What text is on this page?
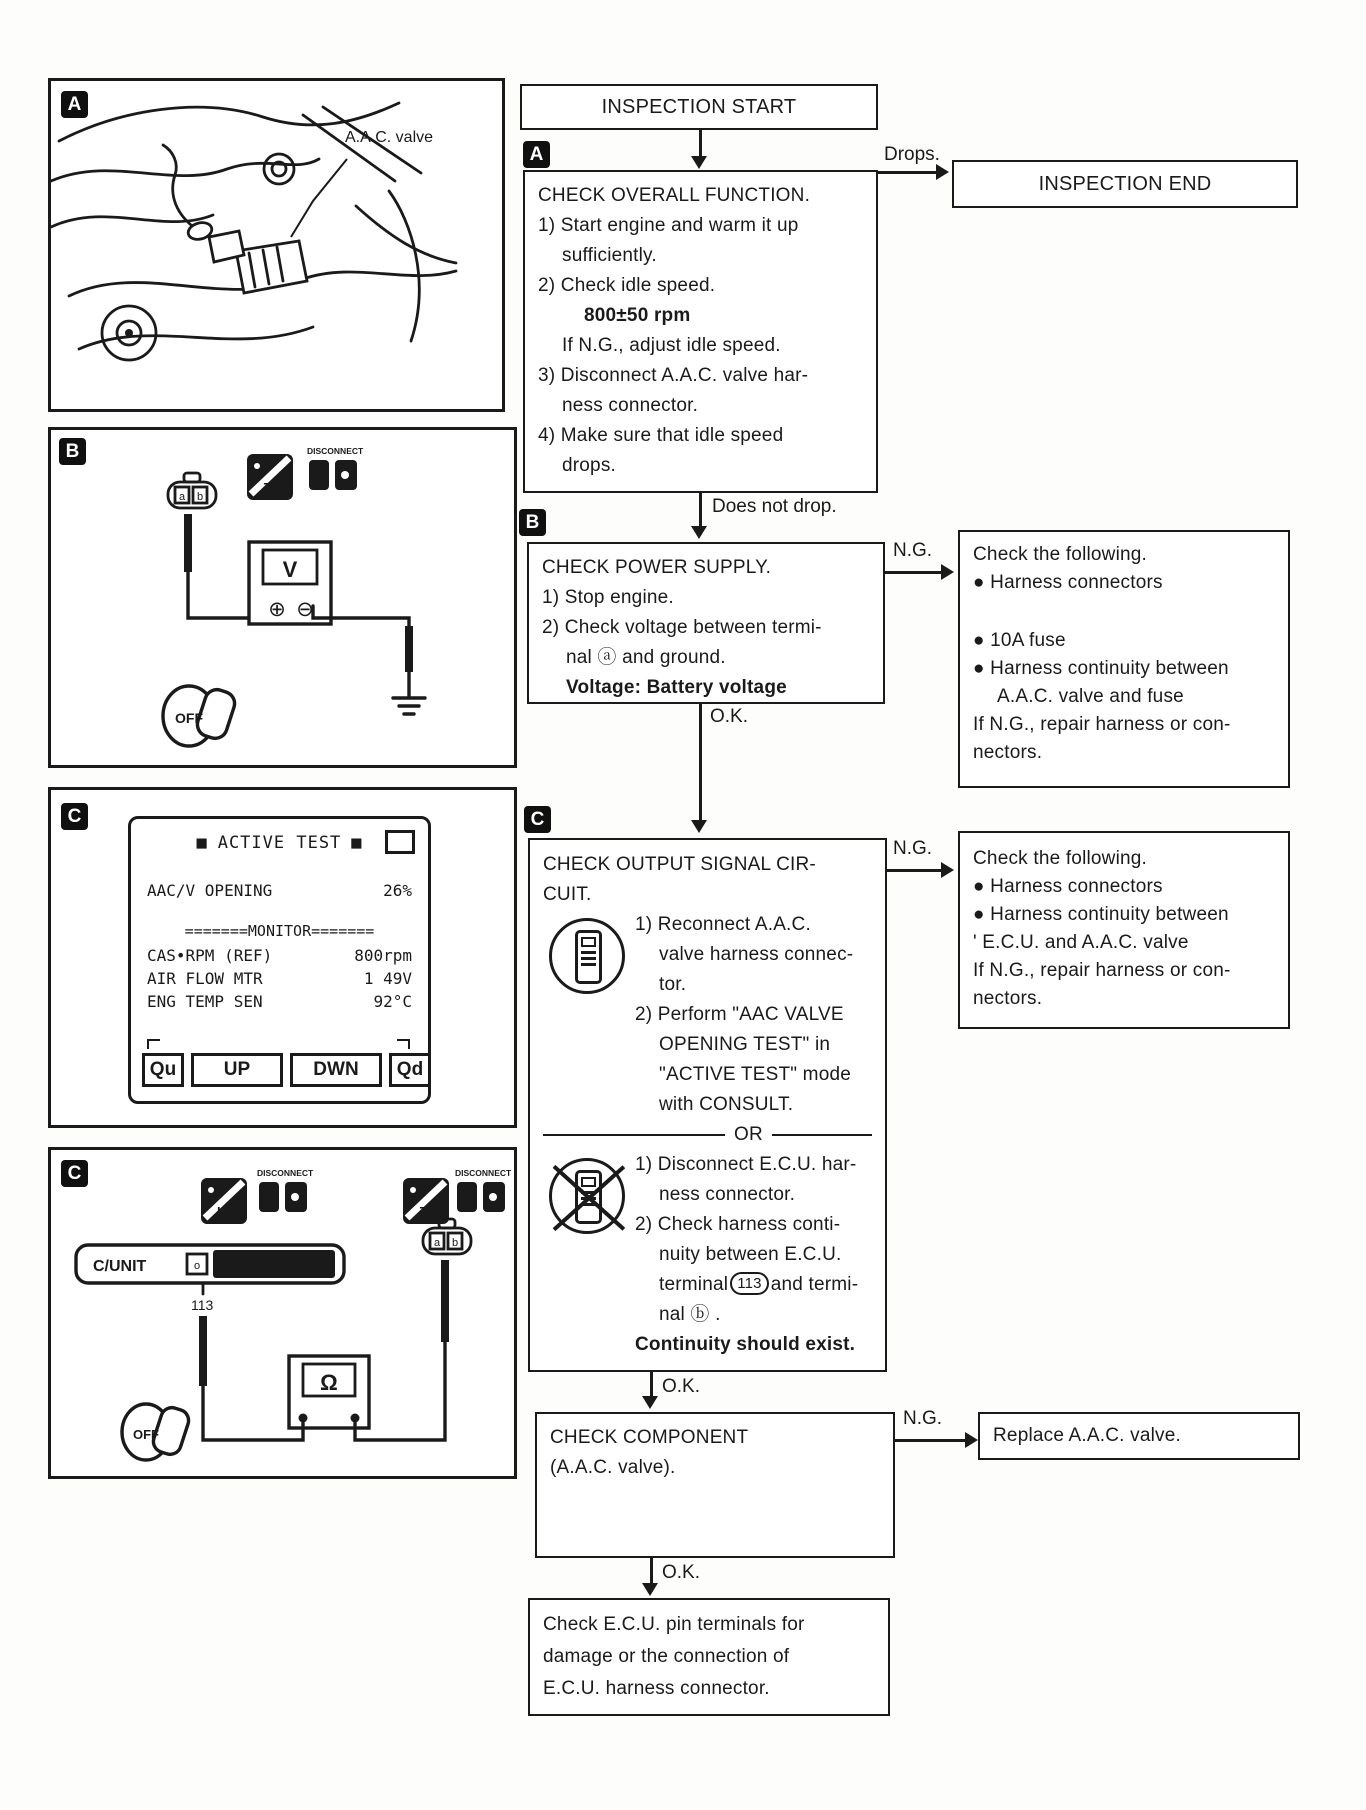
A
A.A.C. valve
B
a b
TS
DISCONNECT
V
⊕ ⊖
OFF
C
■ ACTIVE TEST ■
AAC/V OPENING	26%
=======MONITOR=======
CAS•RPM (REF)	800rpm
AIR FLOW MTR	1 49V
ENG TEMP SEN	92°C
Qu	UP	DWN	Qd
C
HS
DISCONNECT
TS
DISCONNECT
C/UNIT	o CONNECTOR
113
a b
Ω
OFF
INSPECTION START
A
CHECK OVERALL FUNCTION.
1) Start engine and warm it up
sufficiently.
2) Check idle speed.
800±50 rpm
If N.G., adjust idle speed.
3) Disconnect A.A.C. valve har-
ness connector.
4) Make sure that idle speed
drops.
Drops.
INSPECTION END
Does not drop.
B
CHECK POWER SUPPLY.
1) Stop engine.
2) Check voltage between termi-
nal ⓐ and ground.
Voltage: Battery voltage
N.G. Check the following.
● Harness connectors
● 10A fuse
● Harness continuity between
A.A.C. valve and fuse
If N.G., repair harness or con-
nectors.
O.K.
C
CHECK OUTPUT SIGNAL CIR-
CUIT.
1) Reconnect A.A.C.
valve harness connec-
tor.
2) Perform "AAC VALVE
OPENING TEST" in
"ACTIVE TEST" mode
with CONSULT.
OR
1) Disconnect E.C.U. har-
ness connector.
2) Check harness conti-
nuity between E.C.U.
terminal 113 and termi-
nal ⓑ .
Continuity should exist.
N.G. Check the following.
● Harness connectors
● Harness continuity between
' E.C.U. and A.A.C. valve
If N.G., repair harness or con-
nectors.
O.K.
CHECK COMPONENT
(A.A.C. valve).
N.G.
Replace A.A.C. valve.
O.K.
Check E.C.U. pin terminals for
damage or the connection of
E.C.U. harness connector.
